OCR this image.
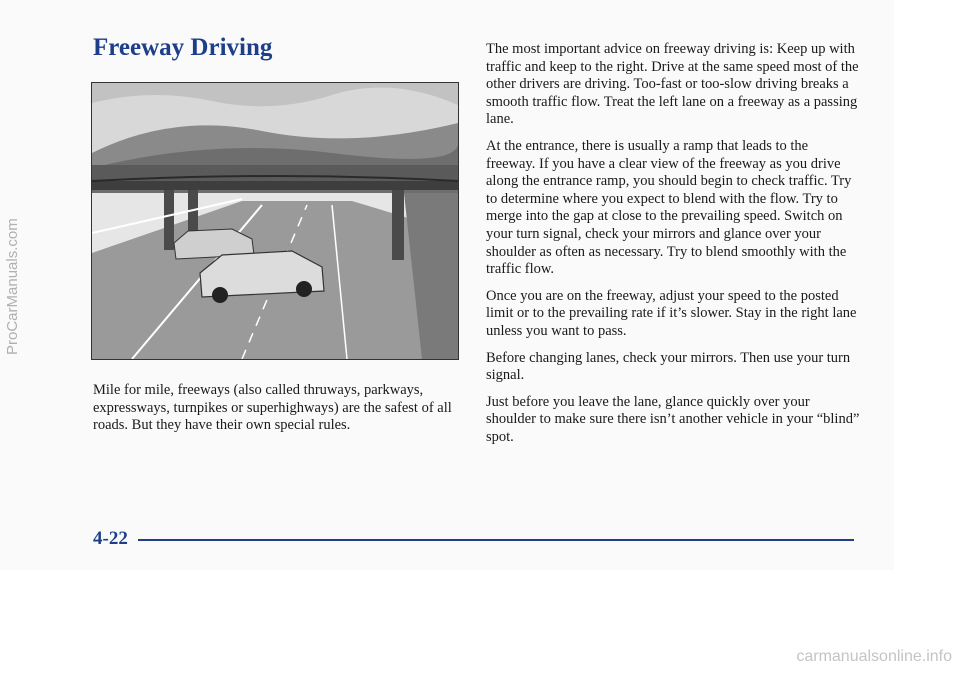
Freeway Driving

Mile for mile, freeways (also called thruways, parkways, expressways, turnpikes or superhighways) are the safest of all roads. But they have their own special rules.

The most important advice on freeway driving is: Keep up with traffic and keep to the right. Drive at the same speed most of the other drivers are driving. Too-fast or too-slow driving breaks a smooth traffic flow. Treat the left lane on a freeway as a passing lane.

At the entrance, there is usually a ramp that leads to the freeway. If you have a clear view of the freeway as you drive along the entrance ramp, you should begin to check traffic. Try to determine where you expect to blend with the flow. Try to merge into the gap at close to the prevailing speed. Switch on your turn signal, check your mirrors and glance over your shoulder as often as necessary. Try to blend smoothly with the traffic flow.

Once you are on the freeway, adjust your speed to the posted limit or to the prevailing rate if it’s slower. Stay in the right lane unless you want to pass.

Before changing lanes, check your mirrors. Then use your turn signal.

Just before you leave the lane, glance quickly over your shoulder to make sure there isn’t another vehicle in your “blind” spot.

4-22
ProCarManuals.com
carmanualsonline.info
